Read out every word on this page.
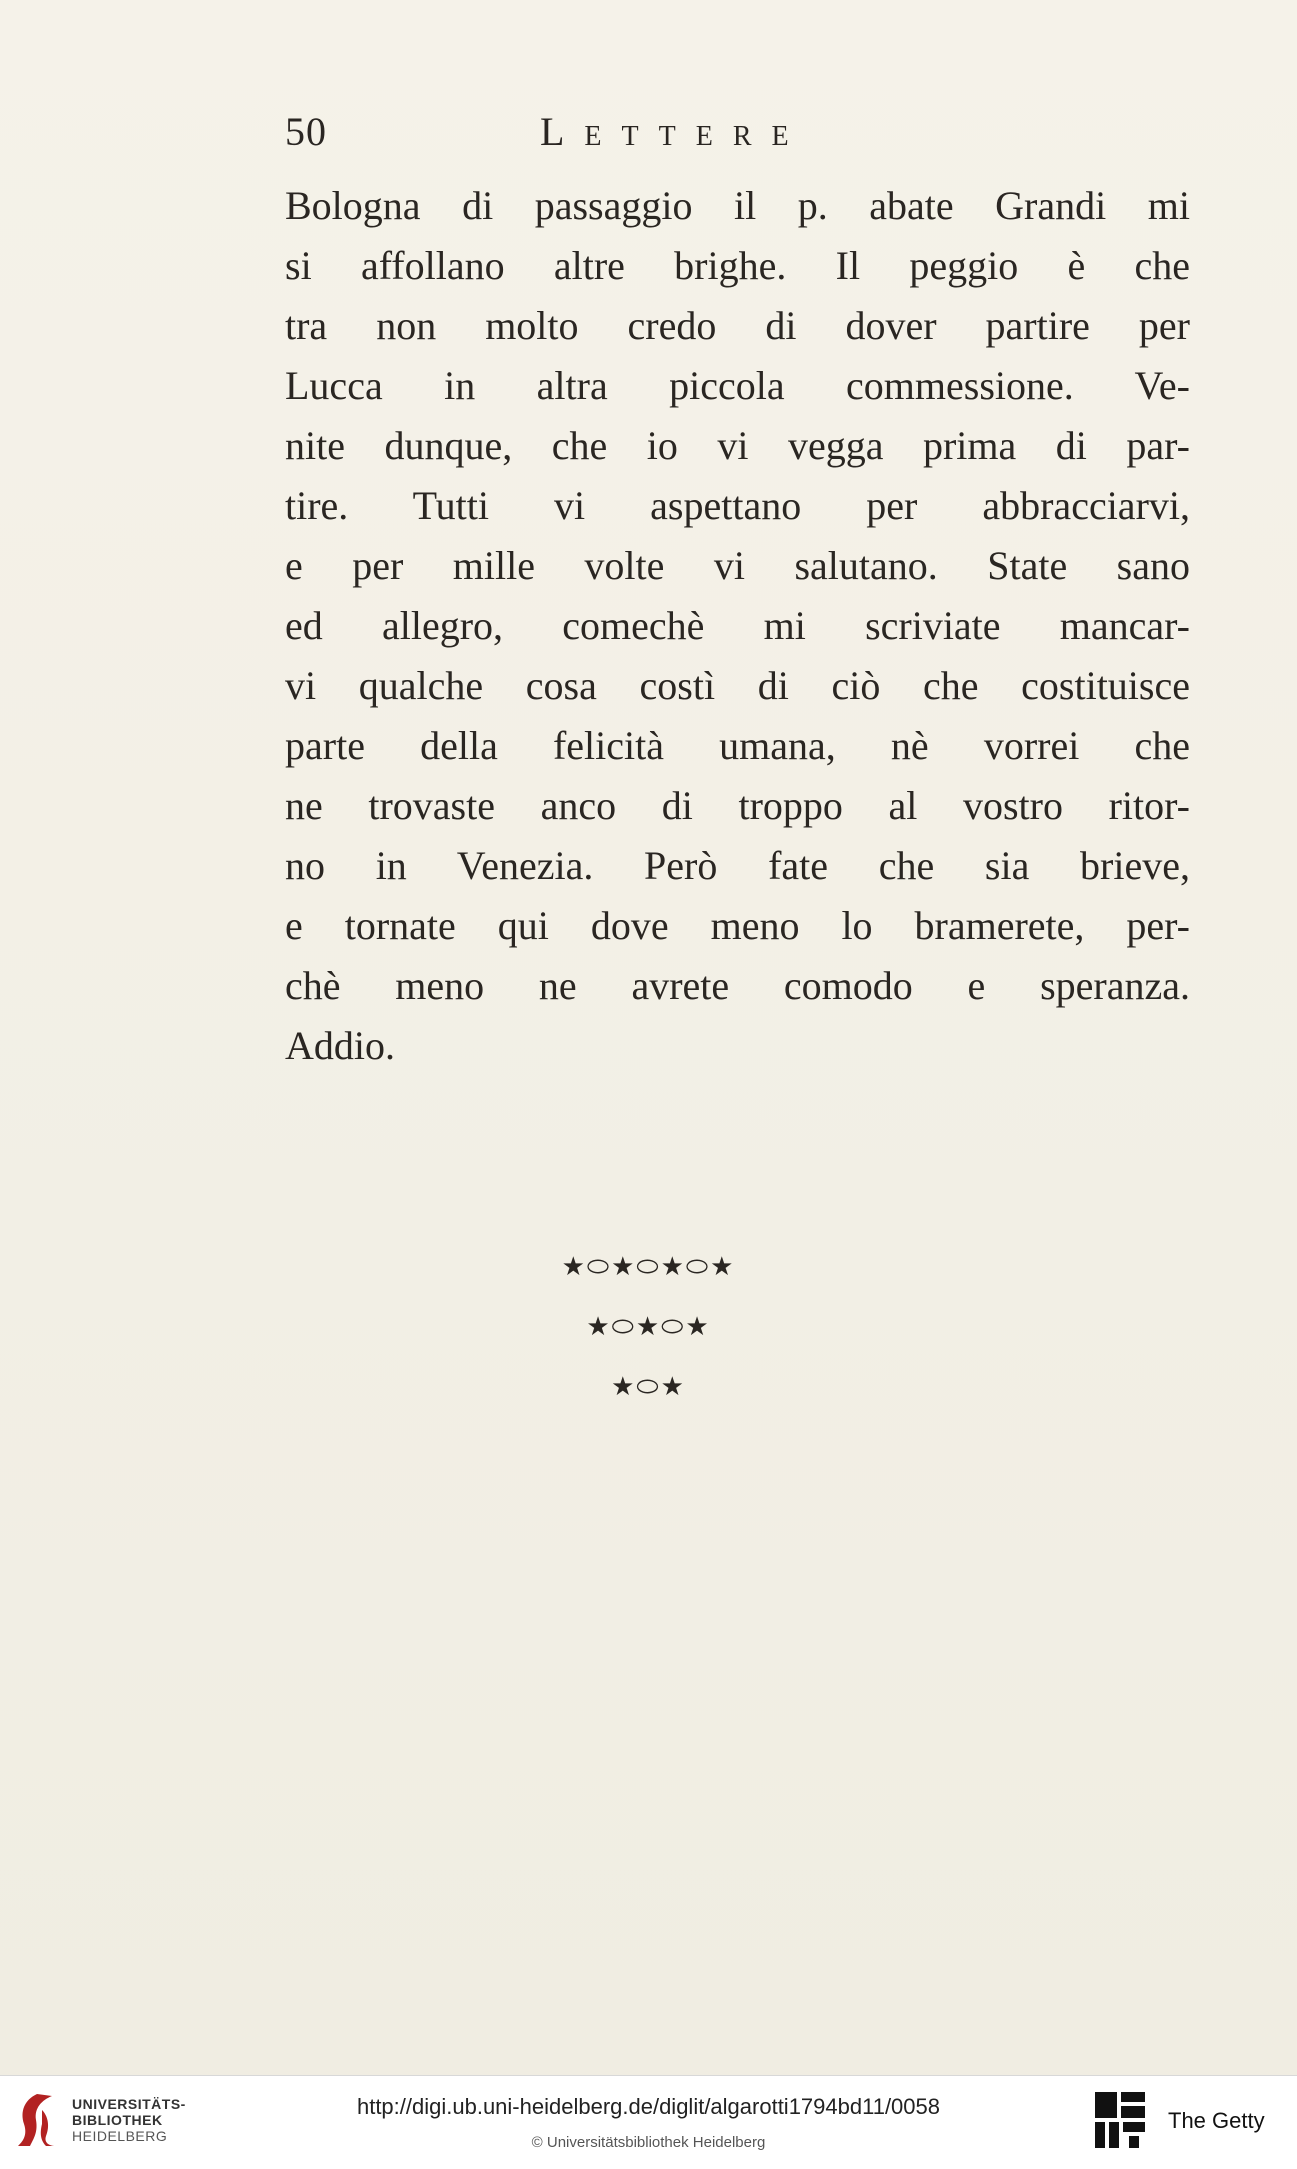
50	Lettere
Bologna di passaggio il p. abate Grandi mi
si affollano altre brighe. Il peggio è che
tra non molto credo di dover partire per
Lucca in altra piccola commessione. Ve-
nite dunque, che io vi vegga prima di par-
tire. Tutti vi aspettano per abbracciarvi,
e per mille volte vi salutano. State sano
ed allegro, comechè mi scriviate mancar-
vi qualche cosa costì di ciò che costituisce
parte della felicità umana, nè vorrei che
ne trovaste anco di troppo al vostro ritor-
no in Venezia. Però fate che sia brieve,
e tornate qui dove meno lo bramerete, per-
chè meno ne avrete comodo e speranza.
Addio.
★⬭★⬭★⬭★
★⬭★⬭★
★⬭★
UNIVERSITÄTS-
BIBLIOTHEK
HEIDELBERG
http://digi.ub.uni-heidelberg.de/diglit/algarotti1794bd11/0058
© Universitätsbibliothek Heidelberg
The Getty
